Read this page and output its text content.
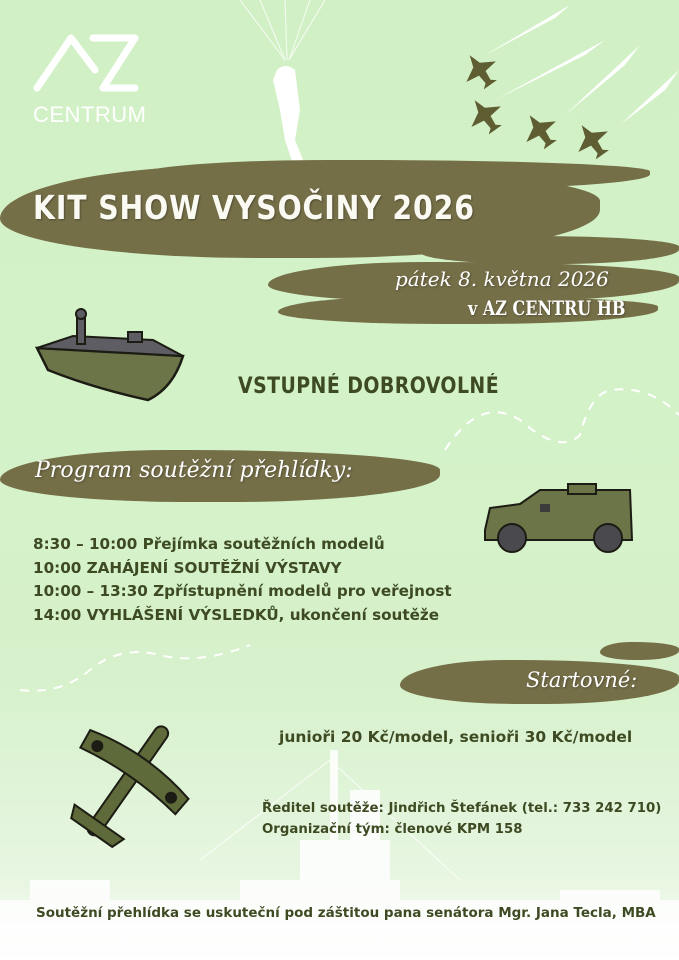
CENTRUM
KIT SHOW VYSOČINY 2026
pátek 8. května 2026
v AZ CENTRU HB
VSTUPNÉ DOBROVOLNÉ
Program soutěžní přehlídky:
8:30 – 10:00 Přejímka soutěžních modelů
10:00 ZAHÁJENÍ SOUTĚŽNÍ VÝSTAVY
10:00 – 13:30 Zpřístupnění modelů pro veřejnost
14:00 VYHLÁŠENÍ VÝSLEDKŮ, ukončení soutěže
Startovné:
junioři 20 Kč/model, senioři 30 Kč/model
Ředitel soutěže: Jindřich Štefánek (tel.: 733 242 710)
Organizační tým: členové KPM 158
Soutěžní přehlídka se uskuteční pod záštitou pana senátora Mgr. Jana Tecla, MBA
